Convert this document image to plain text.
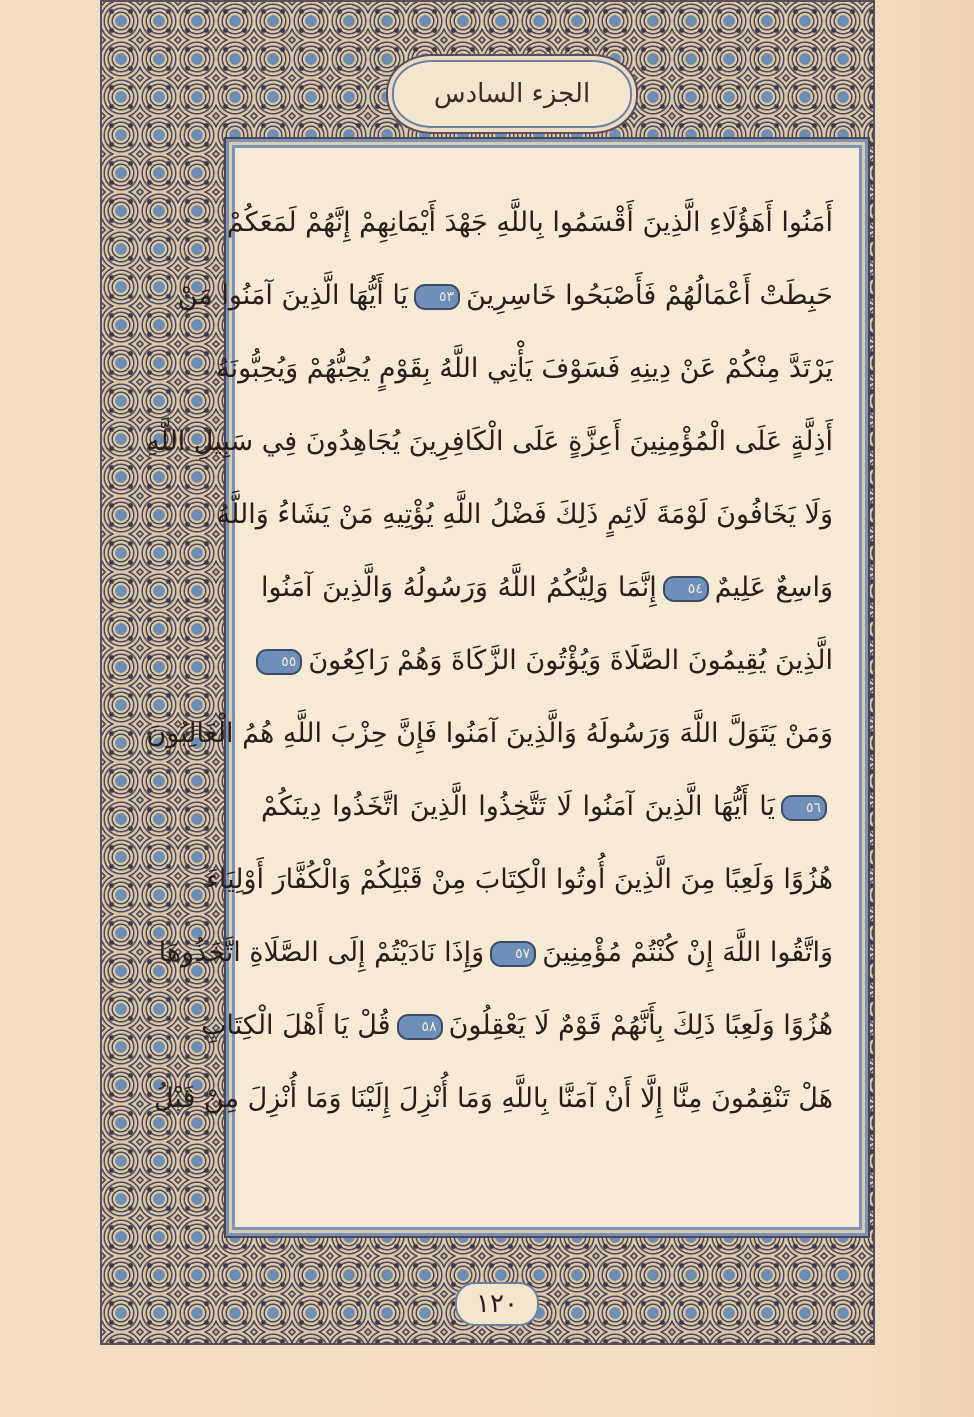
الجزء السادس
أَمَنُوا أَهَؤُلَاءِ الَّذِينَ أَقْسَمُوا بِاللَّهِ جَهْدَ أَيْمَانِهِمْ إِنَّهُمْ لَمَعَكُمْ
حَبِطَتْ أَعْمَالُهُمْ فَأَصْبَحُوا خَاسِرِينَ٥٣يَا أَيُّهَا الَّذِينَ آمَنُوا مَنْ
يَرْتَدَّ مِنْكُمْ عَنْ دِينِهِ فَسَوْفَ يَأْتِي اللَّهُ بِقَوْمٍ يُحِبُّهُمْ وَيُحِبُّونَهُ
أَذِلَّةٍ عَلَى الْمُؤْمِنِينَ أَعِزَّةٍ عَلَى الْكَافِرِينَ يُجَاهِدُونَ فِي سَبِيلِ اللَّهِ
وَلَا يَخَافُونَ لَوْمَةَ لَائِمٍ ذَلِكَ فَضْلُ اللَّهِ يُؤْتِيهِ مَنْ يَشَاءُ وَاللَّهُ
وَاسِعٌ عَلِيمٌ٥٤إِنَّمَا وَلِيُّكُمُ اللَّهُ وَرَسُولُهُ وَالَّذِينَ آمَنُوا
الَّذِينَ يُقِيمُونَ الصَّلَاةَ وَيُؤْتُونَ الزَّكَاةَ وَهُمْ رَاكِعُونَ٥٥
وَمَنْ يَتَوَلَّ اللَّهَ وَرَسُولَهُ وَالَّذِينَ آمَنُوا فَإِنَّ حِزْبَ اللَّهِ هُمُ الْغَالِبُونَ
٥٦يَا أَيُّهَا الَّذِينَ آمَنُوا لَا تَتَّخِذُوا الَّذِينَ اتَّخَذُوا دِينَكُمْ
هُزُوًا وَلَعِبًا مِنَ الَّذِينَ أُوتُوا الْكِتَابَ مِنْ قَبْلِكُمْ وَالْكُفَّارَ أَوْلِيَاءَ
وَاتَّقُوا اللَّهَ إِنْ كُنْتُمْ مُؤْمِنِينَ٥٧وَإِذَا نَادَيْتُمْ إِلَى الصَّلَاةِ اتَّخَذُوهَا
هُزُوًا وَلَعِبًا ذَلِكَ بِأَنَّهُمْ قَوْمٌ لَا يَعْقِلُونَ٥٨قُلْ يَا أَهْلَ الْكِتَابِ
هَلْ تَنْقِمُونَ مِنَّا إِلَّا أَنْ آمَنَّا بِاللَّهِ وَمَا أُنْزِلَ إِلَيْنَا وَمَا أُنْزِلَ مِنْ قَبْلُ
١٢٠
